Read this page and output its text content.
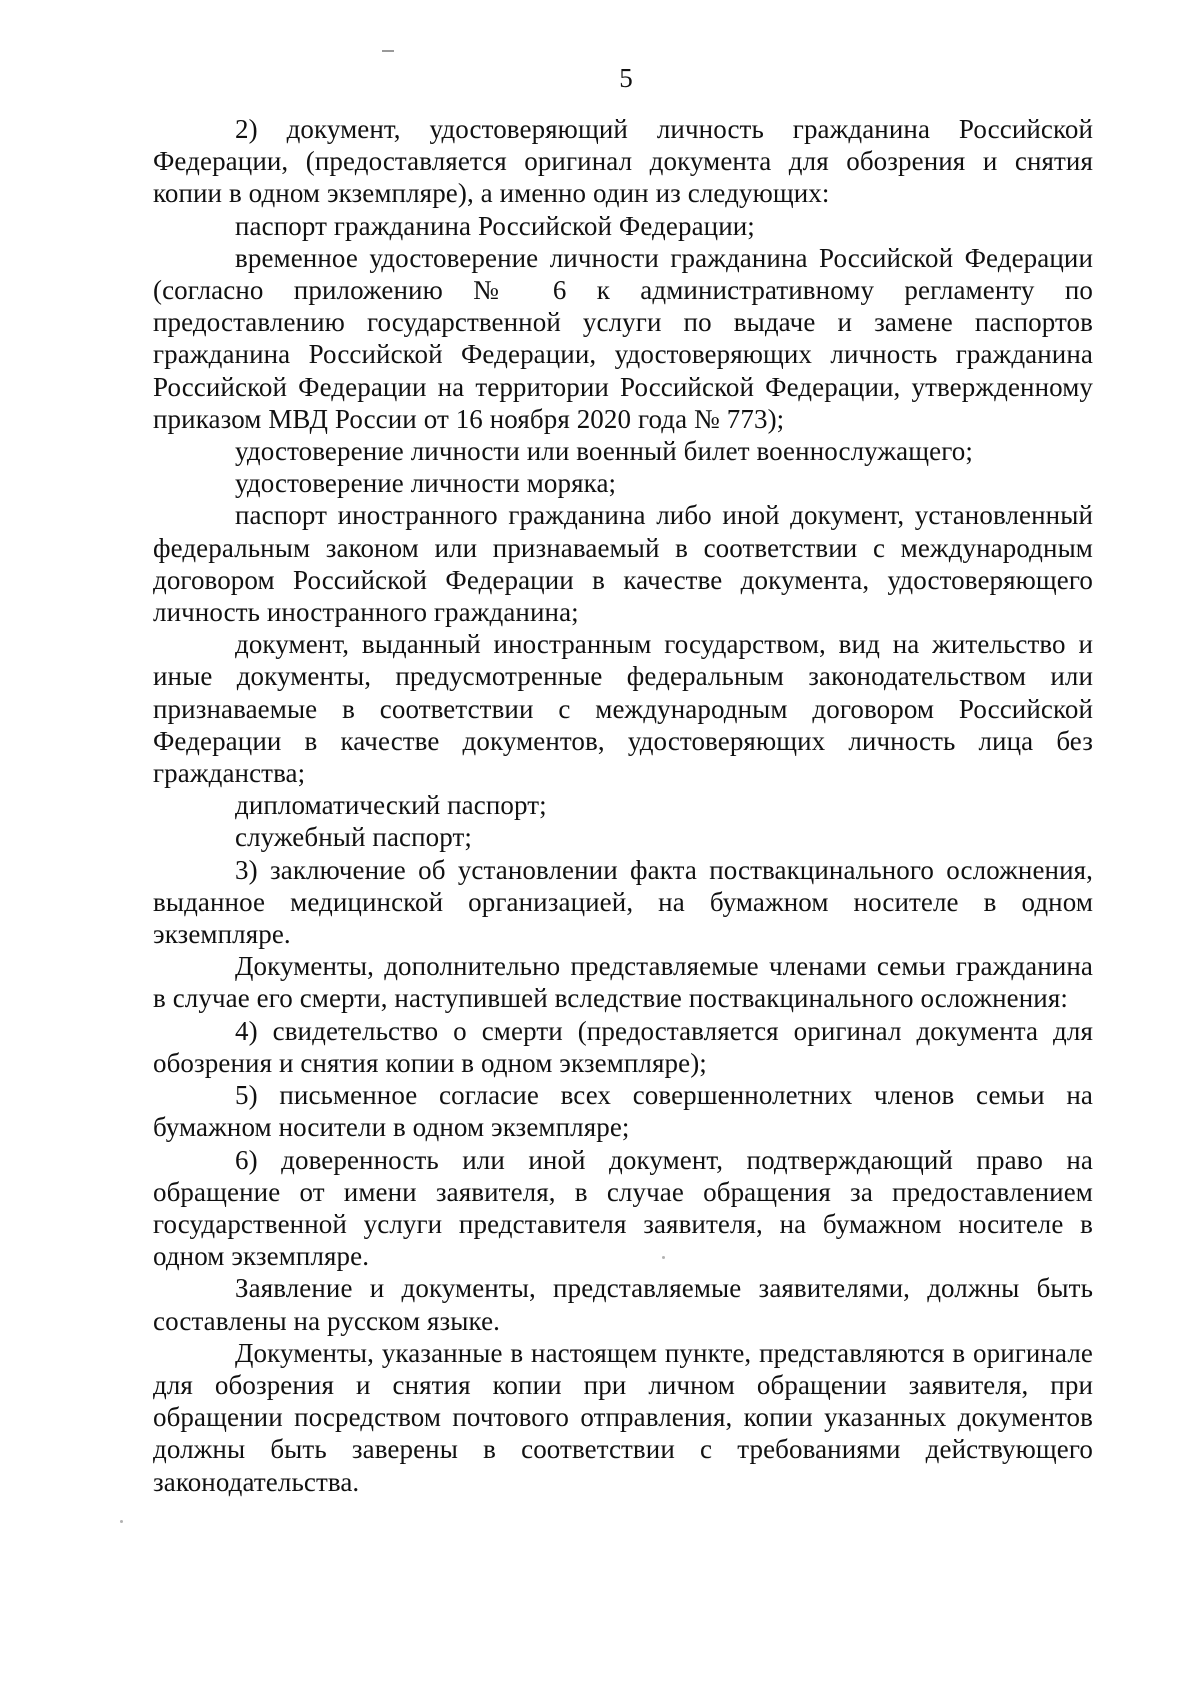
5

2) документ, удостоверяющий личность гражданина Российской Федерации, (предоставляется оригинал документа для обозрения и снятия копии в одном экземпляре), а именно один из следующих:

паспорт гражданина Российской Федерации;

временное удостоверение личности гражданина Российской Федерации (согласно приложению № 6 к административному регламенту по предоставлению государственной услуги по выдаче и замене паспортов гражданина Российской Федерации, удостоверяющих личность гражданина Российской Федерации на территории Российской Федерации, утвержденному приказом МВД России от 16 ноября 2020 года № 773);

удостоверение личности или военный билет военнослужащего;

удостоверение личности моряка;

паспорт иностранного гражданина либо иной документ, установленный федеральным законом или признаваемый в соответствии с международным договором Российской Федерации в качестве документа, удостоверяющего личность иностранного гражданина;

документ, выданный иностранным государством, вид на жительство и иные документы, предусмотренные федеральным законодательством или признаваемые в соответствии с международным договором Российской Федерации в качестве документов, удостоверяющих личность лица без гражданства;

дипломатический паспорт;

служебный паспорт;

3) заключение об установлении факта поствакцинального осложнения, выданное медицинской организацией, на бумажном носителе в одном экземпляре.

Документы, дополнительно представляемые членами семьи гражданина в случае его смерти, наступившей вследствие поствакцинального осложнения:

4) свидетельство о смерти (предоставляется оригинал документа для обозрения и снятия копии в одном экземпляре);

5) письменное согласие всех совершеннолетних членов семьи на бумажном носители в одном экземпляре;

6) доверенность или иной документ, подтверждающий право на обращение от имени заявителя, в случае обращения за предоставлением государственной услуги представителя заявителя, на бумажном носителе в одном экземпляре.

Заявление и документы, представляемые заявителями, должны быть составлены на русском языке.

Документы, указанные в настоящем пункте, представляются в оригинале для обозрения и снятия копии при личном обращении заявителя, при обращении посредством почтового отправления, копии указанных документов должны быть заверены в соответствии с требованиями действующего законодательства.
